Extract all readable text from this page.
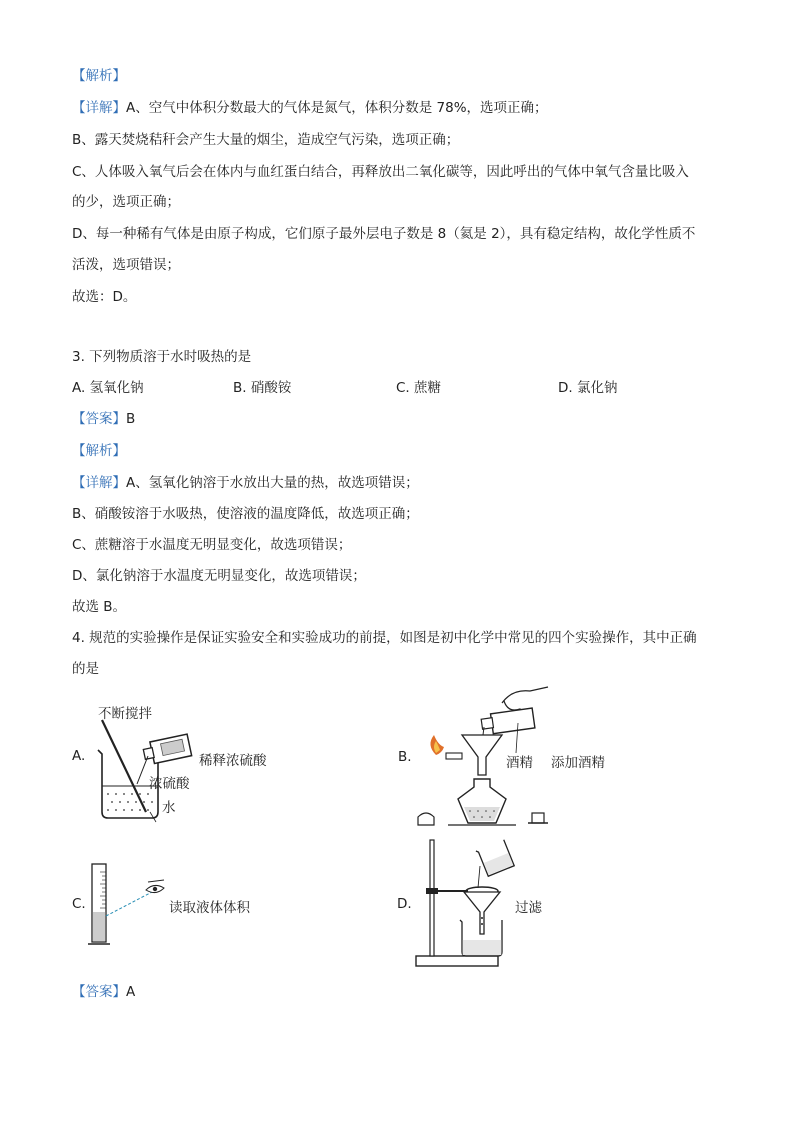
【解析】
【详解】A、空气中体积分数最大的气体是氮气，体积分数是 78%，选项正确；
B、露天焚烧秸秆会产生大量的烟尘，造成空气污染，选项正确；
C、人体吸入氧气后会在体内与血红蛋白结合，再释放出二氧化碳等，因此呼出的气体中氧气含量比吸入
的少，选项正确；
D、每一种稀有气体是由原子构成，它们原子最外层电子数是 8（氦是 2），具有稳定结构，故化学性质不
活泼，选项错误；
故选：D。
3. 下列物质溶于水时吸热的是
A. 氢氧化钠	B. 硝酸铵	C. 蔗糖	D. 氯化钠
【答案】B
【解析】
【详解】A、氢氧化钠溶于水放出大量的热，故选项错误；
B、硝酸铵溶于水吸热，使溶液的温度降低，故选项正确；
C、蔗糖溶于水温度无明显变化，故选项错误；
D、氯化钠溶于水温度无明显变化，故选项错误；
故选 B。
4. 规范的实验操作是保证实验安全和实验成功的前提，如图是初中化学中常见的四个实验操作，其中正确
的是
A.
不断搅拌
稀释浓硫酸
浓硫酸
水
B.	酒精 添加酒精
C.	读取液体体积	D.	过滤
【答案】A
